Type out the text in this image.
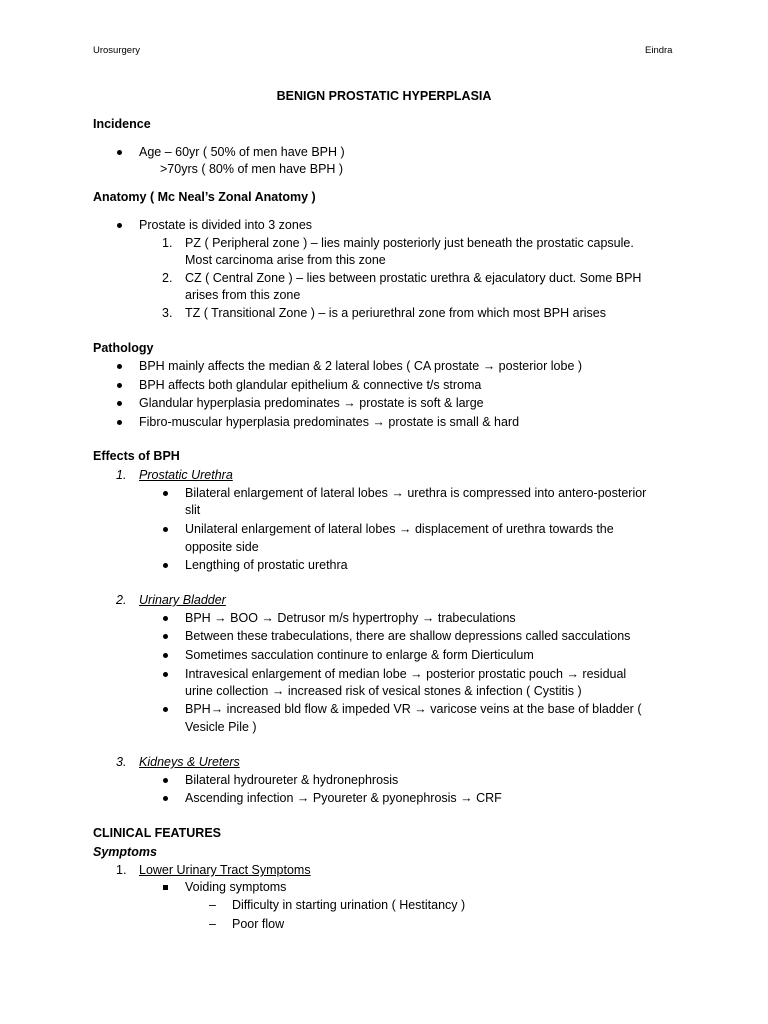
Urosurgery	Eindra
BENIGN PROSTATIC HYPERPLASIA
Incidence
Age – 60yr ( 50% of men have BPH )
>70yrs ( 80% of men have BPH )
Anatomy ( Mc Neal’s Zonal Anatomy )
Prostate is divided into 3 zones
1. PZ ( Peripheral zone ) – lies mainly posteriorly just beneath the prostatic capsule.
Most carcinoma arise from this zone
2. CZ ( Central Zone ) – lies between prostatic urethra & ejaculatory duct. Some BPH
arises from this zone
3. TZ ( Transitional Zone ) – is a periurethral zone from which most BPH arises
Pathology
BPH mainly affects the median & 2 lateral lobes ( CA prostate → posterior lobe )
BPH affects both glandular epithelium & connective t/s stroma
Glandular hyperplasia predominates → prostate is soft & large
Fibro-muscular hyperplasia predominates → prostate is small & hard
Effects of BPH
1. Prostatic Urethra
Bilateral enlargement of lateral lobes → urethra is compressed into antero-posterior
slit
Unilateral enlargement of lateral lobes → displacement of urethra towards the
opposite side
Lengthing of prostatic urethra
2. Urinary Bladder
BPH → BOO → Detrusor m/s hypertrophy → trabeculations
Between these trabeculations, there are shallow depressions called sacculations
Sometimes sacculation continure to enlarge & form Dierticulum
Intravesical enlargement of median lobe → posterior prostatic pouch → residual
urine collection → increased risk of vesical stones & infection ( Cystitis )
BPH→ increased bld flow & impeded VR → varicose veins at the base of bladder (
Vesicle Pile )
3. Kidneys & Ureters
Bilateral hydroureter & hydronephrosis
Ascending infection → Pyoureter & pyonephrosis → CRF
CLINICAL FEATURES
Symptoms
1. Lower Urinary Tract Symptoms
Voiding symptoms
– Difficulty in starting urination ( Hestitancy )
– Poor flow
